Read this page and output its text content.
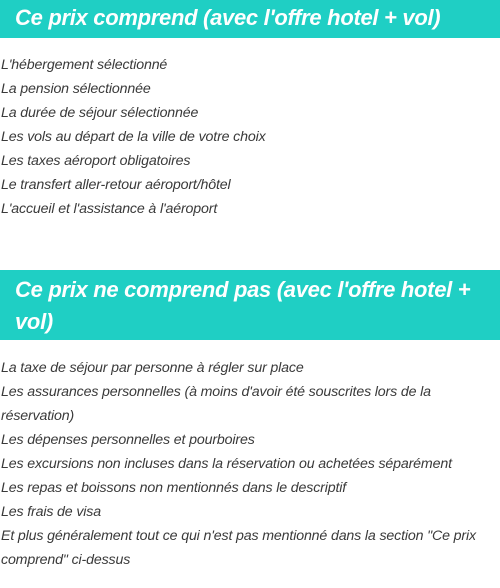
Ce prix comprend (avec l'offre hotel + vol)
L'hébergement sélectionné
La pension sélectionnée
La durée de séjour sélectionnée
Les vols au départ de la ville de votre choix
Les taxes aéroport obligatoires
Le transfert aller-retour aéroport/hôtel
L'accueil et l'assistance à l'aéroport
Ce prix ne comprend pas (avec l'offre hotel + vol)
La taxe de séjour par personne à régler sur place
Les assurances personnelles (à moins d'avoir été souscrites lors de la réservation)
Les dépenses personnelles et pourboires
Les excursions non incluses dans la réservation ou achetées séparément
Les repas et boissons non mentionnés dans le descriptif
Les frais de visa
Et plus généralement tout ce qui n'est pas mentionné dans la section "Ce prix comprend" ci-dessus
